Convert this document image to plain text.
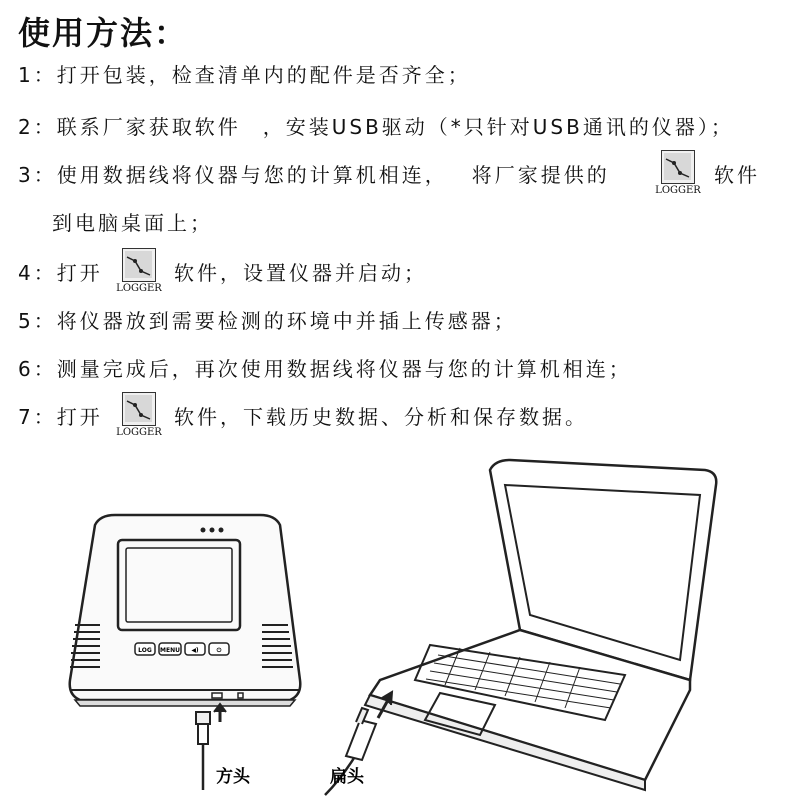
使用方法：
1：打开包装，检查清单内的配件是否齐全；
2：联系厂家获取软件 ，安装USB驱动（*只针对USB通讯的仪器）；
3：使用数据线将仪器与您的计算机相连， 将厂家提供的	软件
到电脑桌面上；
4：打开	软件，设置仪器并启动；
5：将仪器放到需要检测的环境中并插上传感器；
6：测量完成后，再次使用数据线将仪器与您的计算机相连；
7：打开	软件，下载历史数据、分析和保存数据。
LOGGER
LOGGER
LOGGER
LOG MENU ◀)	⏻
方头	扁头
